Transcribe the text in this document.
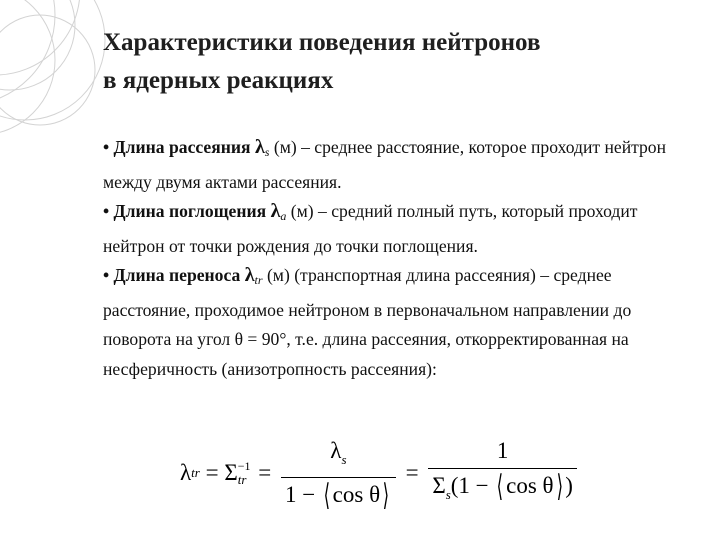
Характеристики поведения нейтронов
в ядерных реакциях

• Длина рассеяния $\lambda_s$ (м) – среднее расстояние, которое проходит нейтрон между двумя актами рассеяния.

• Длина поглощения $\lambda_a$ (м) – средний полный путь, который проходит нейтрон от точки рождения до точки поглощения.

• Длина переноса $\lambda_{tr}$ (м) (транспортная длина рассеяния) – среднее расстояние, проходимое нейтроном в первоначальном направлении до поворота на угол θ = 90°, т.е. длина рассеяния, откорректированная на несферичность (анизотропность рассеяния):

λ tr = Σ −1
tr = $\frac{\lambda_s}{\text{1 − ⟨ cos θ⟩}} = \frac{1}{\Sigma_s(1 - ⟨ \cos \theta⟩ )}$
